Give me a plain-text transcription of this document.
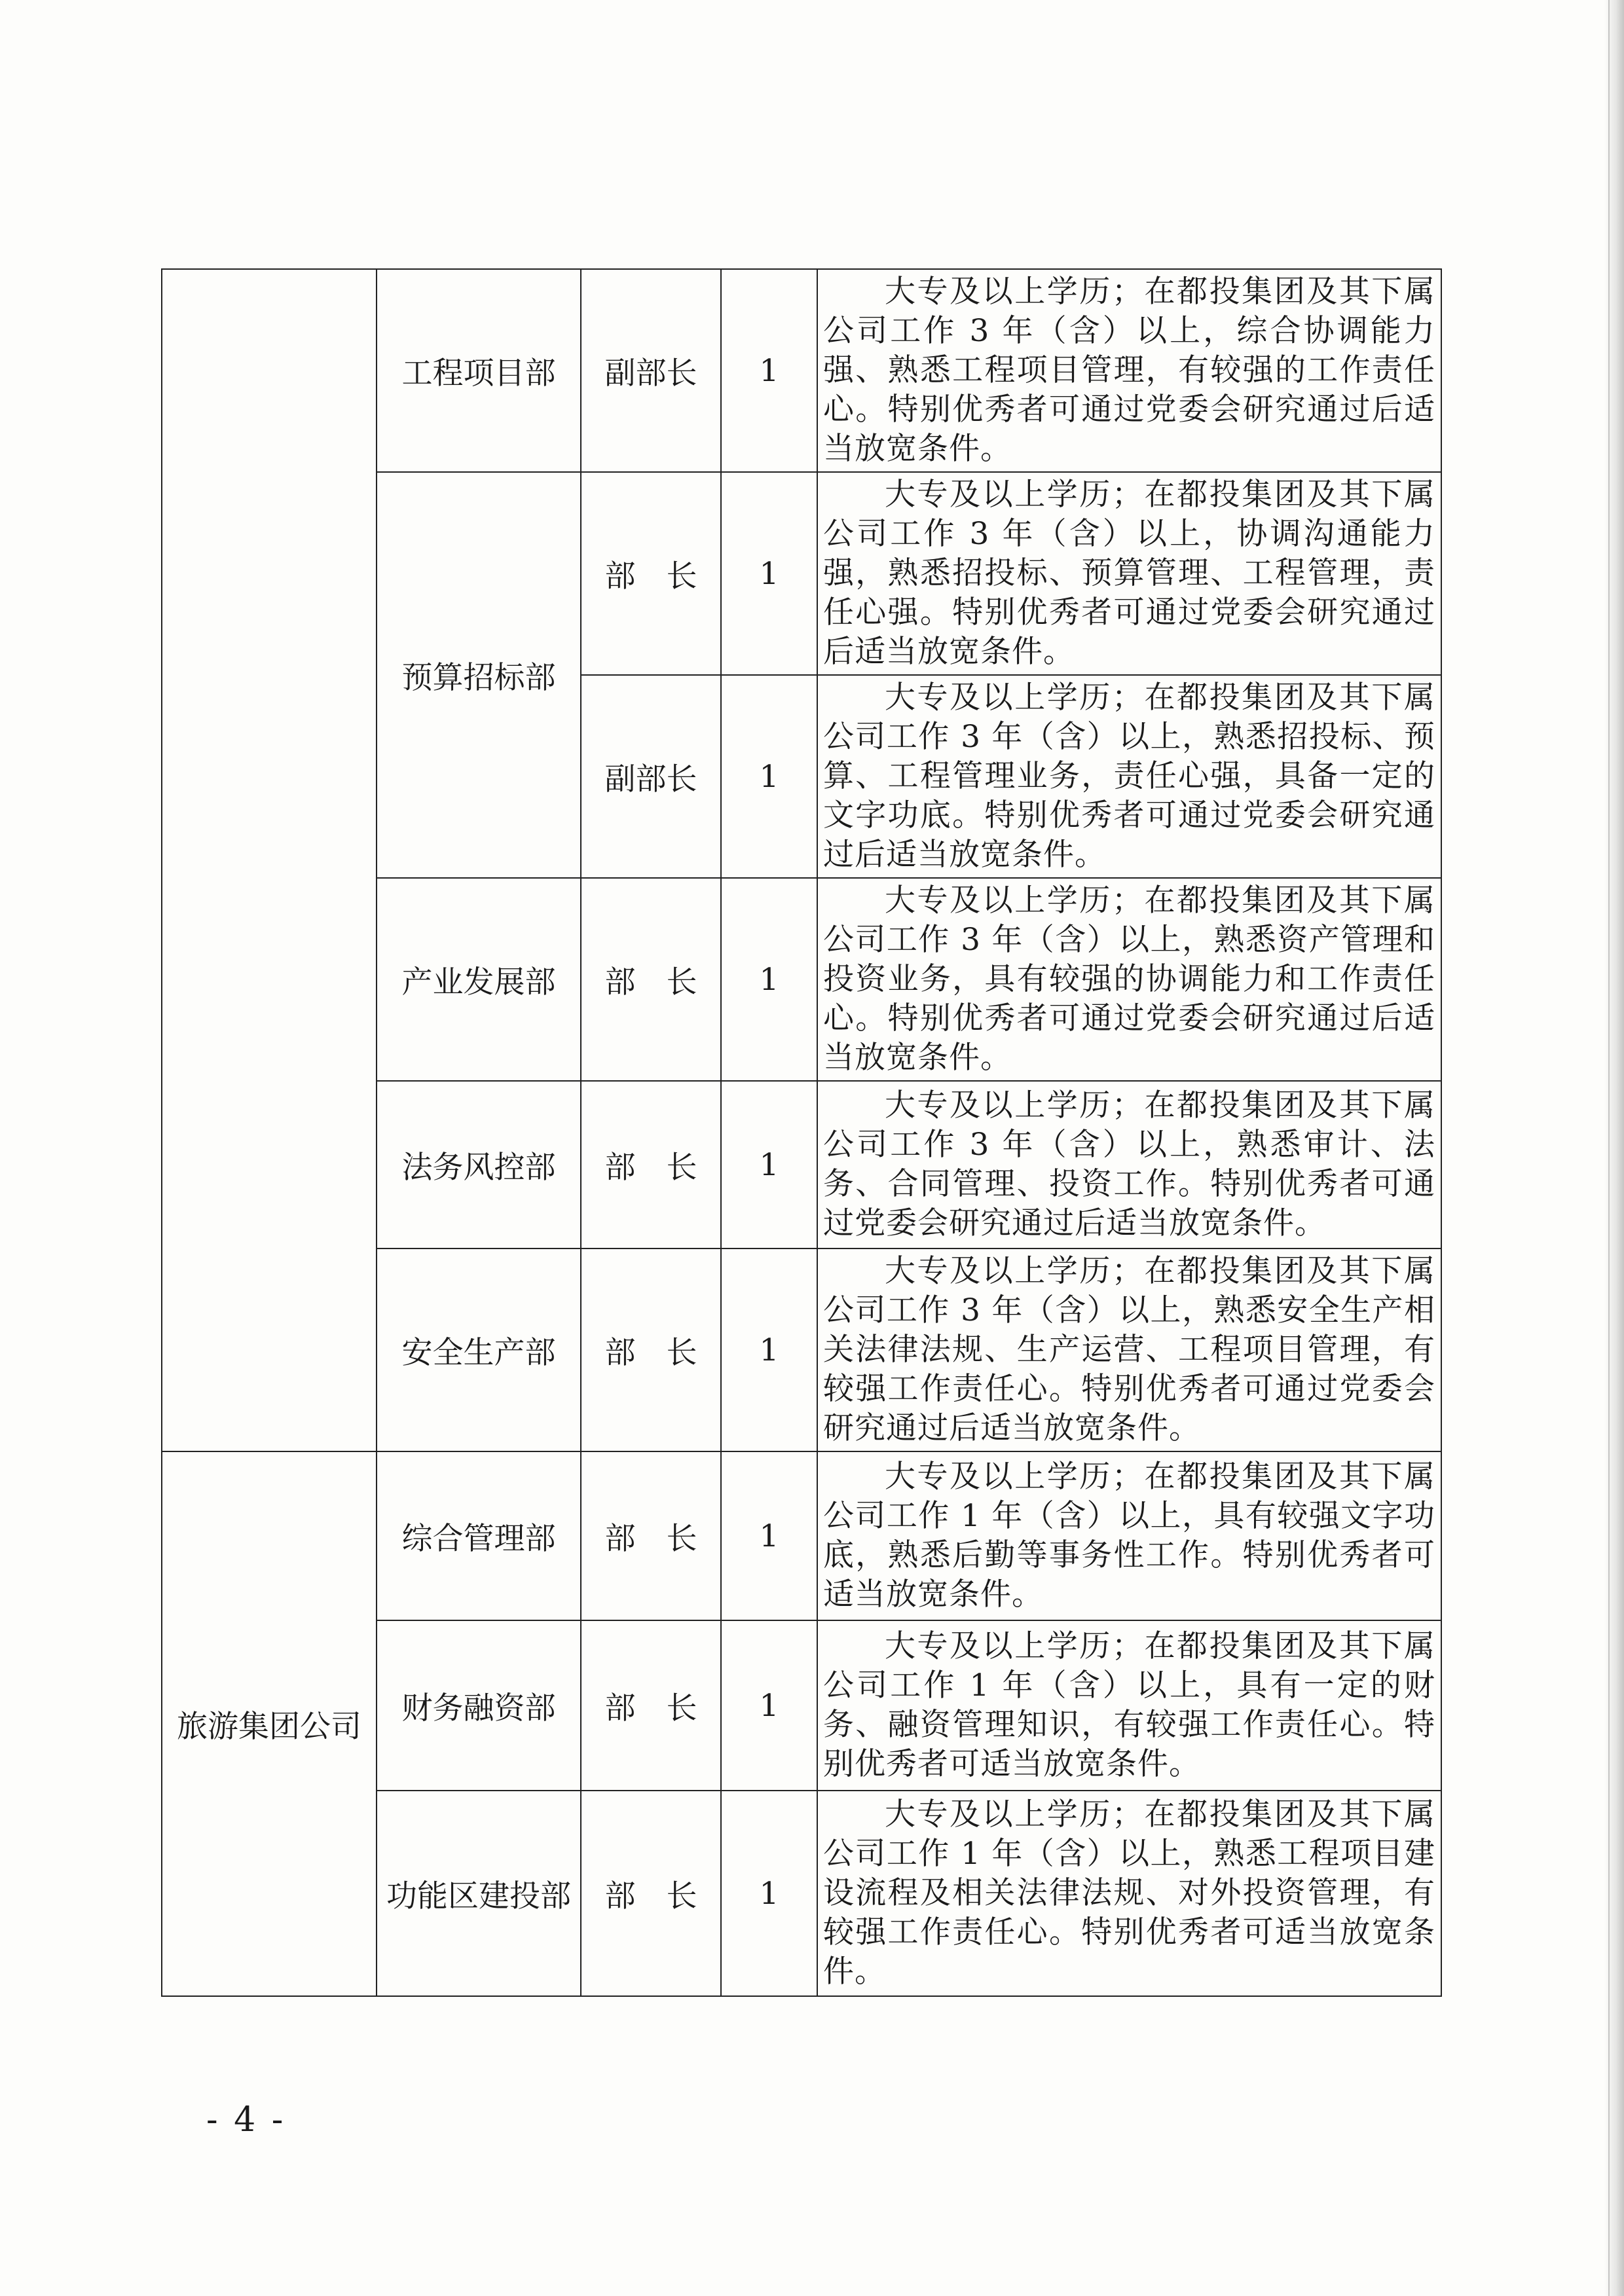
	工程项目部	副部长	1	大专及以上学历；在都投集团及其下属公司工作 3 年（含）以上，综合协调能力强、熟悉工程项目管理，有较强的工作责任心。特别优秀者可通过党委会研究通过后适当放宽条件。

	预算招标部	部　长	1	大专及以上学历；在都投集团及其下属公司工作 3 年（含）以上，协调沟通能力强，熟悉招投标、预算管理、工程管理，责任心强。特别优秀者可通过党委会研究通过后适当放宽条件。

		副部长	1	大专及以上学历；在都投集团及其下属公司工作 3 年（含）以上，熟悉招投标、预算、工程管理业务，责任心强，具备一定的文字功底。特别优秀者可通过党委会研究通过后适当放宽条件。

	产业发展部	部　长	1	大专及以上学历；在都投集团及其下属公司工作 3 年（含）以上，熟悉资产管理和投资业务，具有较强的协调能力和工作责任心。特别优秀者可通过党委会研究通过后适当放宽条件。

	法务风控部	部　长	1	大专及以上学历；在都投集团及其下属公司工作 3 年（含）以上，熟悉审计、法务、合同管理、投资工作。特别优秀者可通过党委会研究通过后适当放宽条件。

	安全生产部	部　长	1	大专及以上学历；在都投集团及其下属公司工作 3 年（含）以上，熟悉安全生产相关法律法规、生产运营、工程项目管理，有较强工作责任心。特别优秀者可通过党委会研究通过后适当放宽条件。

旅游集团公司	综合管理部	部　长	1	大专及以上学历；在都投集团及其下属公司工作 1 年（含）以上，具有较强文字功底，熟悉后勤等事务性工作。特别优秀者可适当放宽条件。

	财务融资部	部　长	1	大专及以上学历；在都投集团及其下属公司工作 1 年（含）以上，具有一定的财务、融资管理知识，有较强工作责任心。特别优秀者可适当放宽条件。

	功能区建投部	部　长	1	大专及以上学历；在都投集团及其下属公司工作 1 年（含）以上，熟悉工程项目建设流程及相关法律法规、对外投资管理，有较强工作责任心。特别优秀者可适当放宽条件。
- 4 -
